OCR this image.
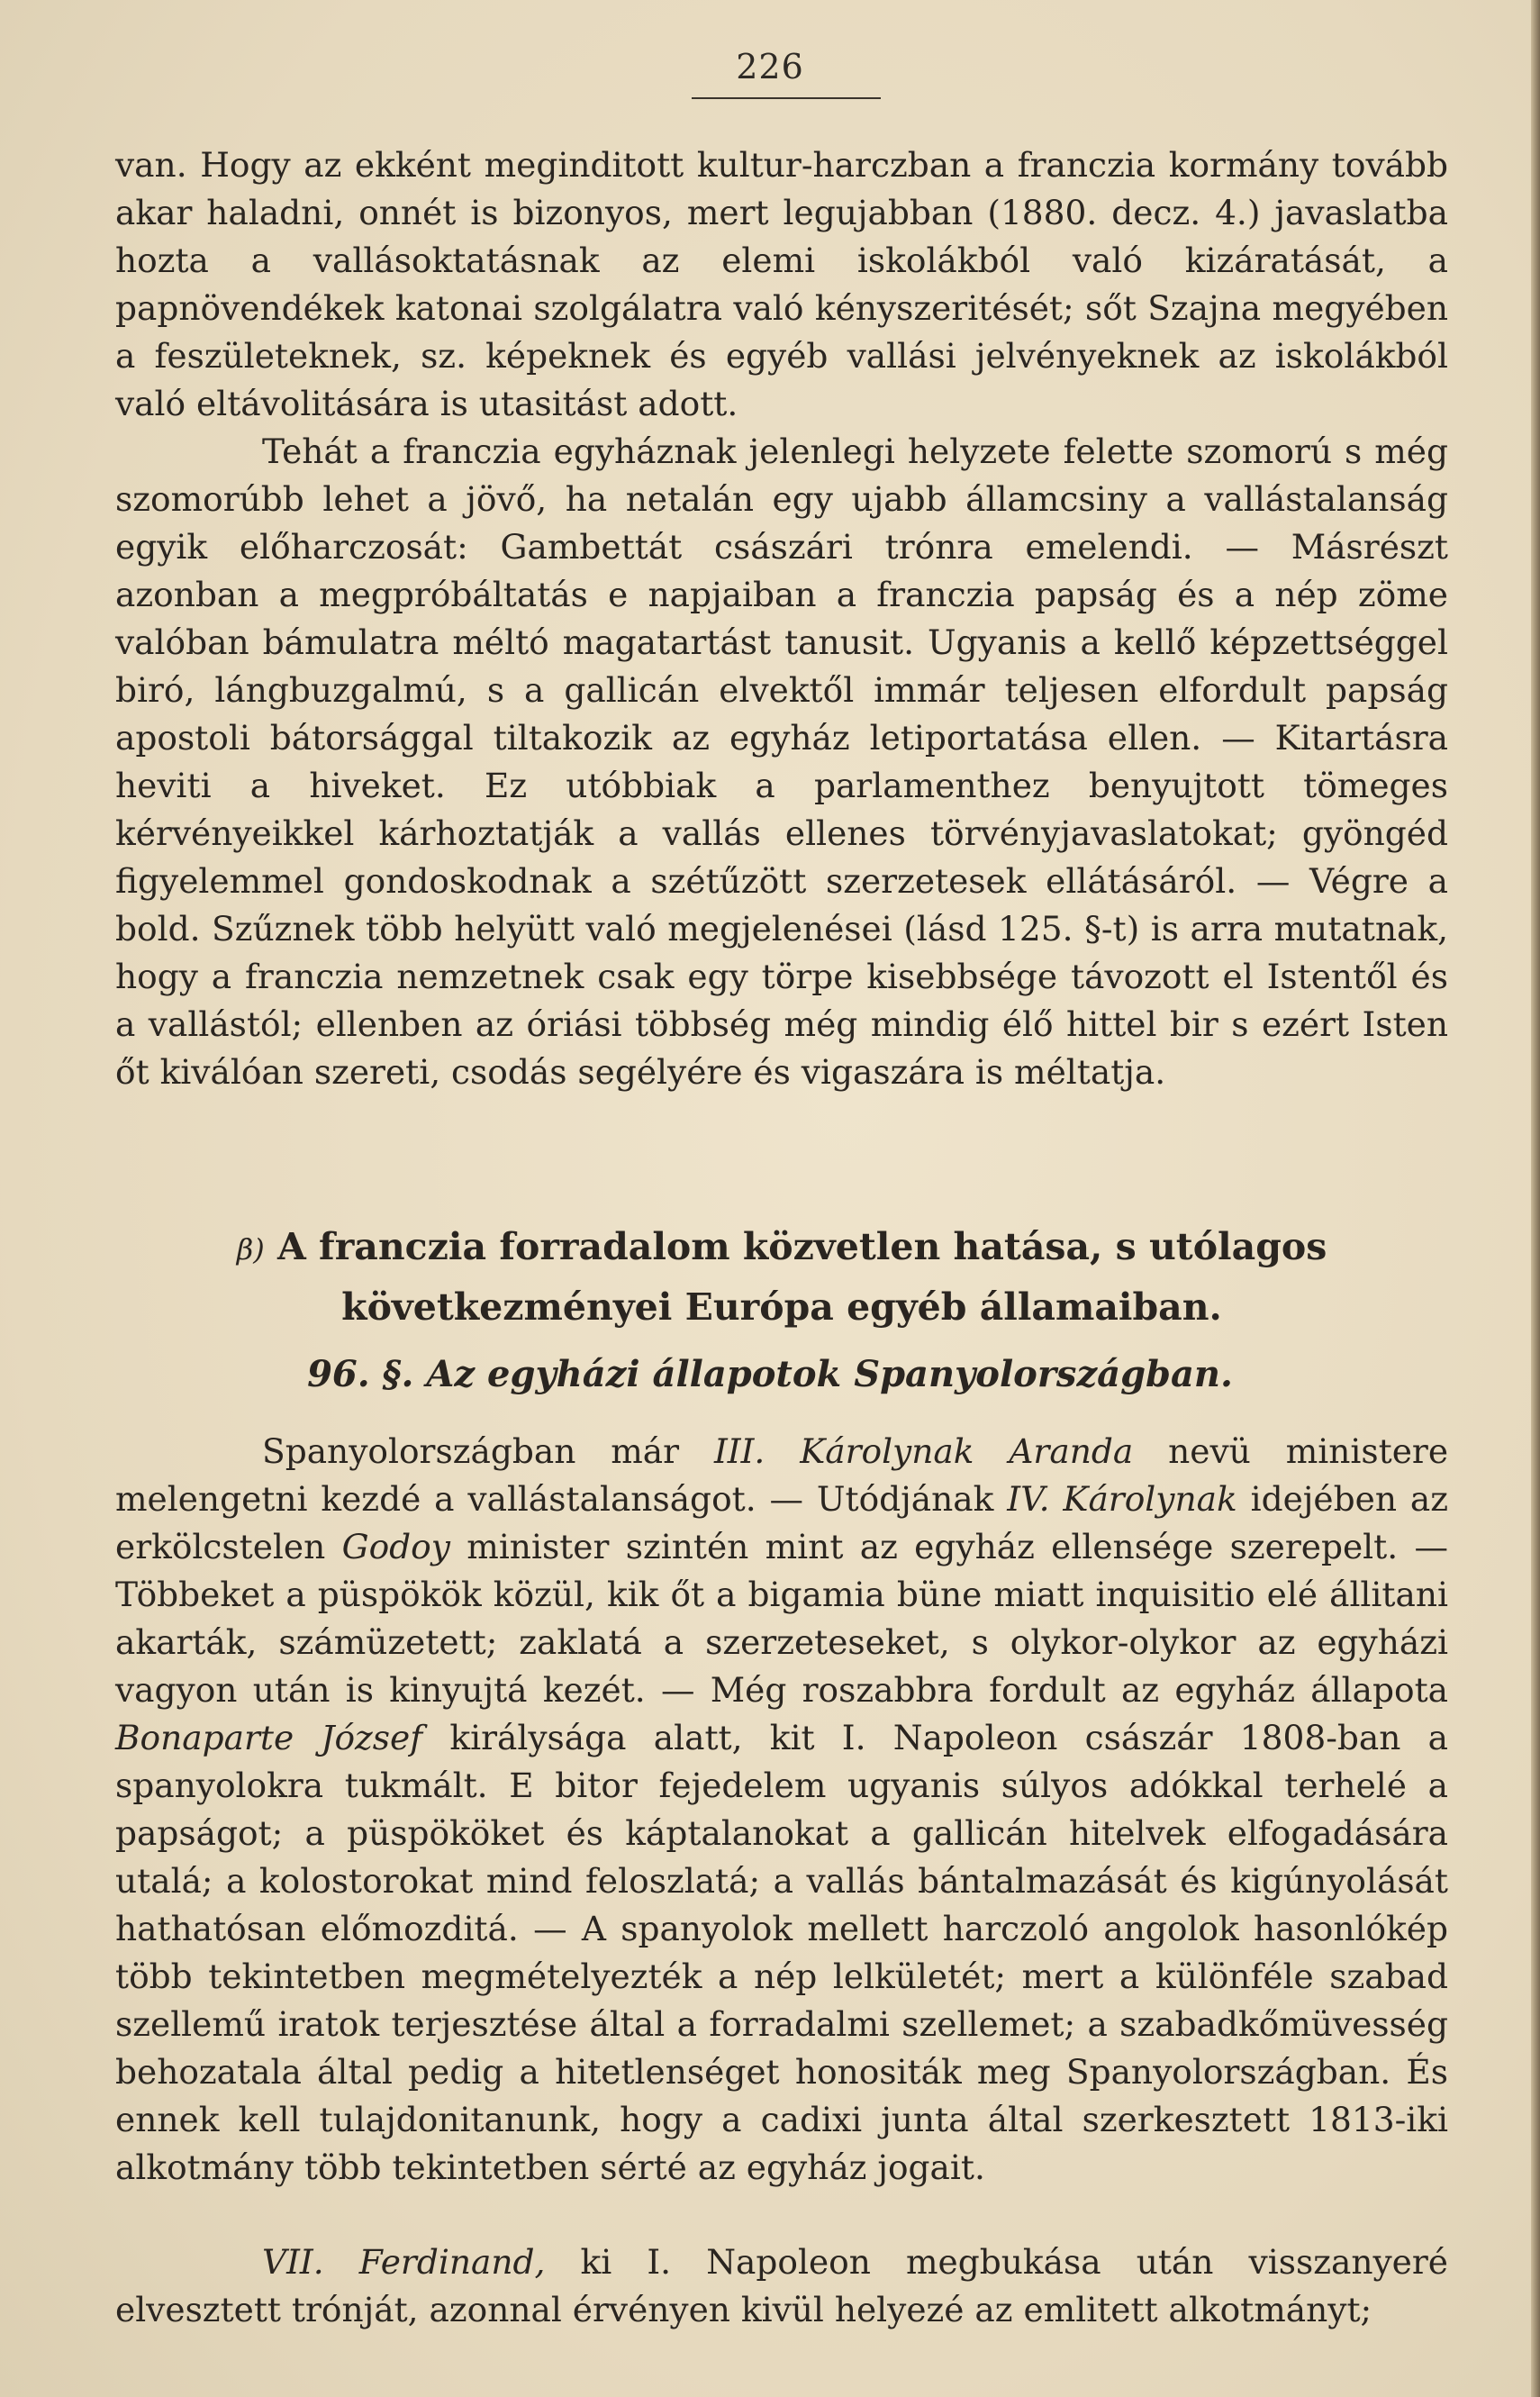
226

van. Hogy az ekként meginditott kultur-harczban a franczia kormány tovább akar haladni, onnét is bizonyos, mert legujabban (1880. decz. 4.) javaslatba hozta a vallásoktatásnak az elemi iskolákból való kizáratását, a papnövendékek katonai szolgálatra való kényszeritését; sőt Szajna megyében a feszületeknek, sz. képeknek és egyéb vallási jelvényeknek az iskolákból való eltávolitására is utasitást adott.

Tehát a franczia egyháznak jelenlegi helyzete felette szomorú s még szomorúbb lehet a jövő, ha netalán egy ujabb államcsiny a vallástalanság egyik előharczosát: Gambettát császári trónra emelendi. — Másrészt azonban a megpróbáltatás e napjaiban a franczia papság és a nép zöme valóban bámulatra méltó magatartást tanusit. Ugyanis a kellő képzettséggel biró, lángbuzgalmú, s a gallicán elvektől immár teljesen elfordult papság apostoli bátorsággal tiltakozik az egyház letiportatása ellen. — Kitartásra heviti a hiveket. Ez utóbbiak a parlamenthez benyujtott tömeges kérvényeikkel kárhoztatják a vallás ellenes törvényjavaslatokat; gyöngéd figyelemmel gondoskodnak a szétűzött szerzetesek ellátásáról. — Végre a bold. Szűznek több helyütt való megjelenései (lásd 125. §-t) is arra mutatnak, hogy a franczia nemzetnek csak egy törpe kisebbsége távozott el Istentől és a vallástól; ellenben az óriási többség még mindig élő hittel bir s ezért Isten őt kiválóan szereti, csodás segélyére és vigaszára is méltatja.

β) A franczia forradalom közvetlen hatása, s utólagos következményei Európa egyéb államaiban.
96. §. Az egyházi állapotok Spanyolországban.

Spanyolországban már III. Károlynak Aranda nevü ministere melengetni kezdé a vallástalanságot. — Utódjának IV. Károlynak idejében az erkölcstelen Godoy minister szintén mint az egyház ellensége szerepelt. — Többeket a püspökök közül, kik őt a bigamia büne miatt inquisitio elé állitani akarták, számüzetett; zaklatá a szerzeteseket, s olykor-olykor az egyházi vagyon után is kinyujtá kezét. — Még roszabbra fordult az egyház állapota Bonaparte József királysága alatt, kit I. Napoleon császár 1808-ban a spanyolokra tukmált. E bitor fejedelem ugyanis súlyos adókkal terhelé a papságot; a püspököket és káptalanokat a gallicán hitelvek elfogadására utalá; a kolostorokat mind feloszlatá; a vallás bántalmazását és kigúnyolását hathatósan előmozditá. — A spanyolok mellett harczoló angolok hasonlókép több tekintetben megmételyezték a nép lelkületét; mert a különféle szabad szellemű iratok terjesztése által a forradalmi szellemet; a szabadkőmüvesség behozatala által pedig a hitetlenséget honositák meg Spanyolországban. És ennek kell tulajdonitanunk, hogy a cadixi junta által szerkesztett 1813-iki alkotmány több tekintetben sérté az egyház jogait.

VII. Ferdinand, ki I. Napoleon megbukása után visszanyeré elvesztett trónját, azonnal érvényen kivül helyezé az emlitett alkotmányt;
